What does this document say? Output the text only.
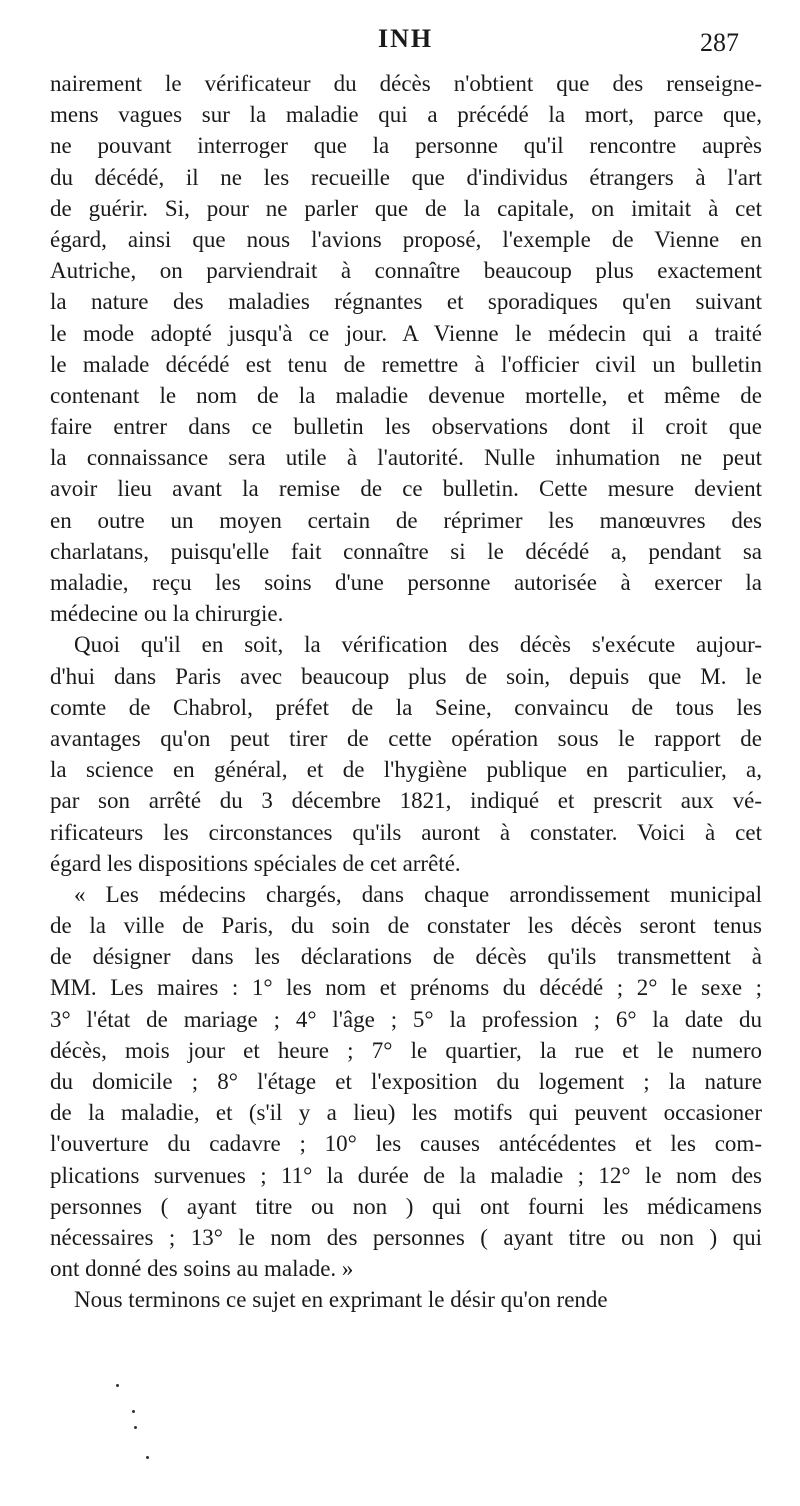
INH	287
nairement le vérificateur du décès n'obtient que des renseigne-
mens vagues sur la maladie qui a précédé la mort, parce que,
ne pouvant interroger que la personne qu'il rencontre auprès
du décédé, il ne les recueille que d'individus étrangers à l'art
de guérir. Si, pour ne parler que de la capitale, on imitait à cet
égard, ainsi que nous l'avions proposé, l'exemple de Vienne en
Autriche, on parviendrait à connaître beaucoup plus exactement
la nature des maladies régnantes et sporadiques qu'en suivant
le mode adopté jusqu'à ce jour. A Vienne le médecin qui a traité
le malade décédé est tenu de remettre à l'officier civil un bulletin
contenant le nom de la maladie devenue mortelle, et même de
faire entrer dans ce bulletin les observations dont il croit que
la connaissance sera utile à l'autorité. Nulle inhumation ne peut
avoir lieu avant la remise de ce bulletin. Cette mesure devient
en outre un moyen certain de réprimer les manœuvres des
charlatans, puisqu'elle fait connaître si le décédé a, pendant sa
maladie, reçu les soins d'une personne autorisée à exercer la
médecine ou la chirurgie.
Quoi qu'il en soit, la vérification des décès s'exécute aujour-
d'hui dans Paris avec beaucoup plus de soin, depuis que M. le
comte de Chabrol, préfet de la Seine, convaincu de tous les
avantages qu'on peut tirer de cette opération sous le rapport de
la science en général, et de l'hygiène publique en particulier, a,
par son arrêté du 3 décembre 1821, indiqué et prescrit aux vé-
rificateurs les circonstances qu'ils auront à constater. Voici à cet
égard les dispositions spéciales de cet arrêté.
« Les médecins chargés, dans chaque arrondissement municipal
de la ville de Paris, du soin de constater les décès seront tenus
de désigner dans les déclarations de décès qu'ils transmettent à
MM. Les maires : 1° les nom et prénoms du décédé ; 2° le sexe ;
3° l'état de mariage ; 4° l'âge ; 5° la profession ; 6° la date du
décès, mois jour et heure ; 7° le quartier, la rue et le numero
du domicile ; 8° l'étage et l'exposition du logement ; la nature
de la maladie, et (s'il y a lieu) les motifs qui peuvent occasioner
l'ouverture du cadavre ; 10° les causes antécédentes et les com-
plications survenues ; 11° la durée de la maladie ; 12° le nom des
personnes ( ayant titre ou non ) qui ont fourni les médicamens
nécessaires ; 13° le nom des personnes ( ayant titre ou non ) qui
ont donné des soins au malade. »
Nous terminons ce sujet en exprimant le désir qu'on rende
